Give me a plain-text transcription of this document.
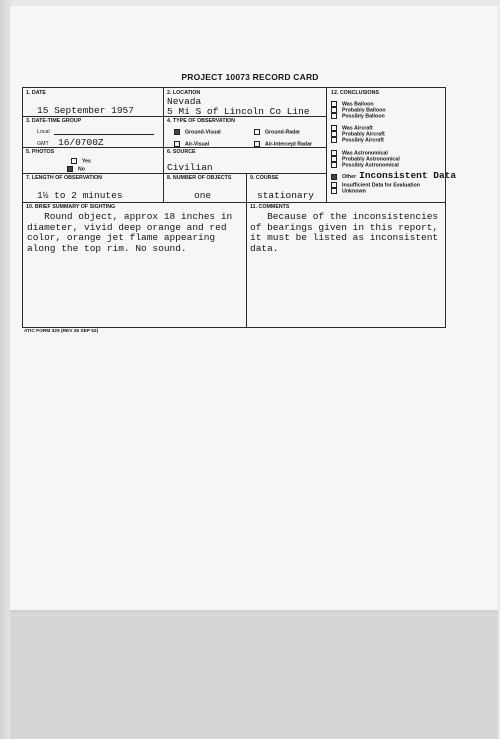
PROJECT 10073 RECORD CARD
1. DATE
15 September 1957
2. LOCATION
Nevada
5 Mi S of Lincoln Co Line
3. DATE-TIME GROUP
Local
GMT 16/0700Z
4. TYPE OF OBSERVATION
Ground-Visual	Ground-Radar
Air-Visual	Air-Intercept Radar
5. PHOTOS
Yes
No
6. SOURCE
Civilian
7. LENGTH OF OBSERVATION
1½ to 2 minutes
8. NUMBER OF OBJECTS
one
9. COURSE
stationary
12. CONCLUSIONS
Was Balloon
Probably Balloon
Possibly Balloon
Was Aircraft
Probably Aircraft
Possibly Aircraft
Was Astronomical
Probably Astronomical
Possibly Astronomical
Other Inconsistent Data
Insufficient Data for Evaluation
Unknown
10. BRIEF SUMMARY OF SIGHTING
Round object, approx 18 inches in
diameter, vivid deep orange and red
color, orange jet flame appearing
along the top rim. No sound.
11. COMMENTS
Because of the inconsistencies
of bearings given in this report,
it must be listed as inconsistent
data.
ATIC FORM 329 (REV 26 SEP 52)
